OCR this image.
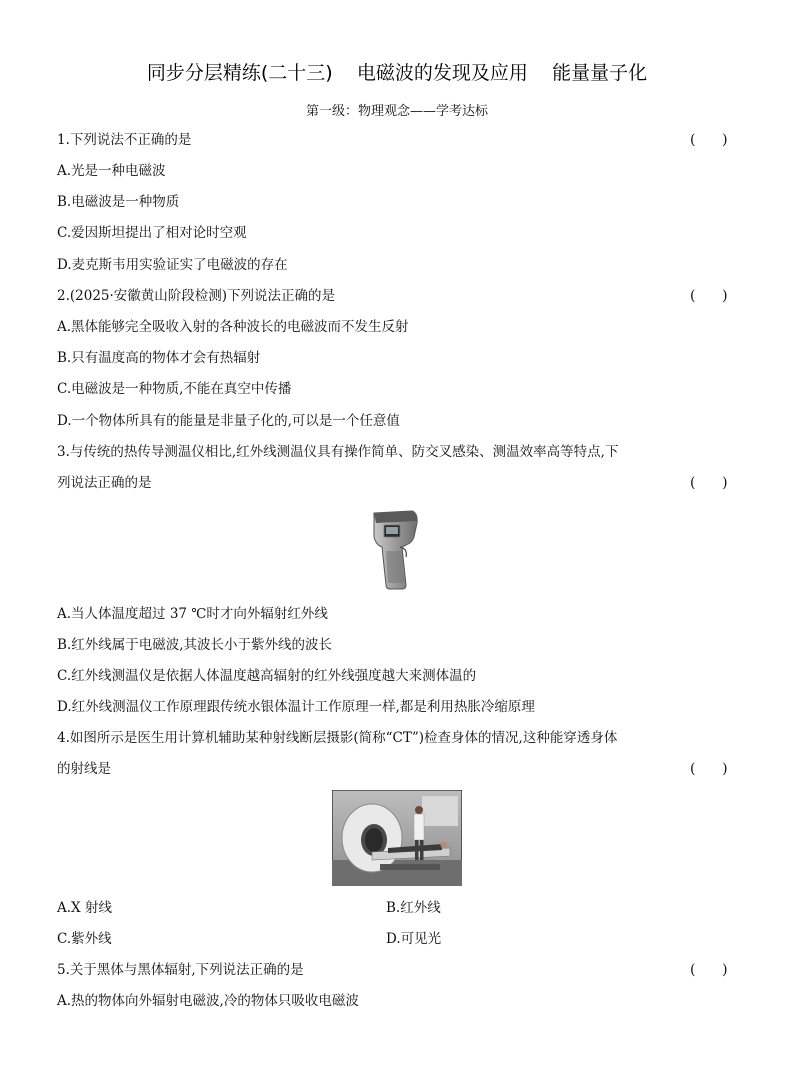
同步分层精练(二十三) 电磁波的发现及应用 能量量子化
第一级：物理观念——学考达标
1.下列说法不正确的是	(      )
A.光是一种电磁波
B.电磁波是一种物质
C.爱因斯坦提出了相对论时空观
D.麦克斯韦用实验证实了电磁波的存在
2.(2025·安徽黄山阶段检测)下列说法正确的是	(      )
A.黑体能够完全吸收入射的各种波长的电磁波而不发生反射
B.只有温度高的物体才会有热辐射
C.电磁波是一种物质,不能在真空中传播
D.一个物体所具有的能量是非量子化的,可以是一个任意值
3.与传统的热传导测温仪相比,红外线测温仪具有操作简单、防交叉感染、测温效率高等特点,下
列说法正确的是	(      )
A.当人体温度超过 37 ℃时才向外辐射红外线
B.红外线属于电磁波,其波长小于紫外线的波长
C.红外线测温仪是依据人体温度越高辐射的红外线强度越大来测体温的
D.红外线测温仪工作原理跟传统水银体温计工作原理一样,都是利用热胀冷缩原理
4.如图所示是医生用计算机辅助某种射线断层摄影(简称“CT”)检查身体的情况,这种能穿透身体
的射线是	(      )
A.X 射线	B.红外线
C.紫外线	D.可见光
5.关于黑体与黑体辐射,下列说法正确的是	(      )
A.热的物体向外辐射电磁波,冷的物体只吸收电磁波
